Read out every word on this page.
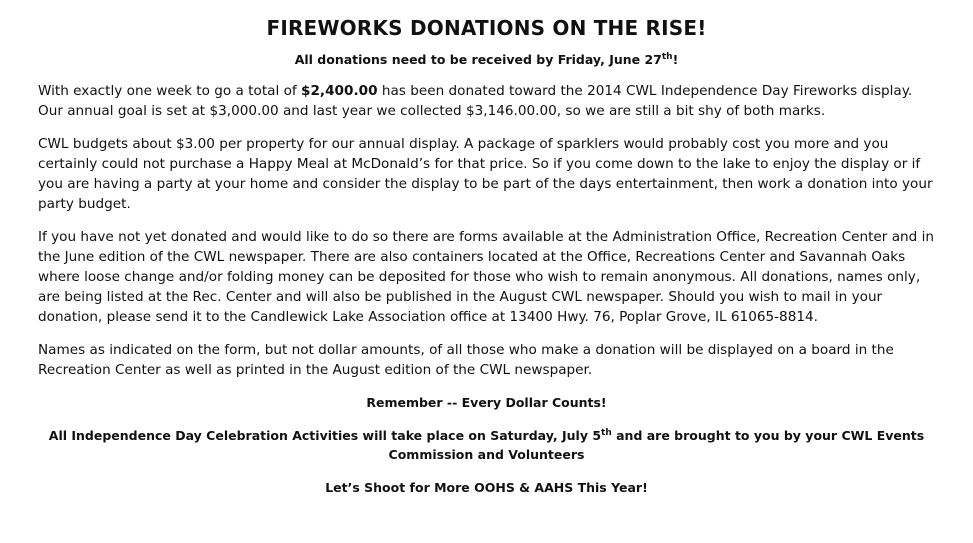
FIREWORKS DONATIONS ON THE RISE!
All donations need to be received by Friday, June 27th!

With exactly one week to go a total of $2,400.00 has been donated toward the 2014 CWL Independence Day Fireworks display. Our annual goal is set at $3,000.00 and last year we collected $3,146.00.00, so we are still a bit shy of both marks.

CWL budgets about $3.00 per property for our annual display. A package of sparklers would probably cost you more and you certainly could not purchase a Happy Meal at McDonald’s for that price. So if you come down to the lake to enjoy the display or if you are having a party at your home and consider the display to be part of the days entertainment, then work a donation into your party budget.

If you have not yet donated and would like to do so there are forms available at the Administration Office, Recreation Center and in the June edition of the CWL newspaper. There are also containers located at the Office, Recreations Center and Savannah Oaks where loose change and/or folding money can be deposited for those who wish to remain anonymous. All donations, names only, are being listed at the Rec. Center and will also be published in the August CWL newspaper. Should you wish to mail in your donation, please send it to the Candlewick Lake Association office at 13400 Hwy. 76, Poplar Grove, IL 61065-8814.

Names as indicated on the form, but not dollar amounts, of all those who make a donation will be displayed on a board in the Recreation Center as well as printed in the August edition of the CWL newspaper.

Remember -- Every Dollar Counts!
All Independence Day Celebration Activities will take place on Saturday, July 5th and are brought to you by your CWL Events Commission and Volunteers
Let’s Shoot for More OOHS & AAHS This Year!
